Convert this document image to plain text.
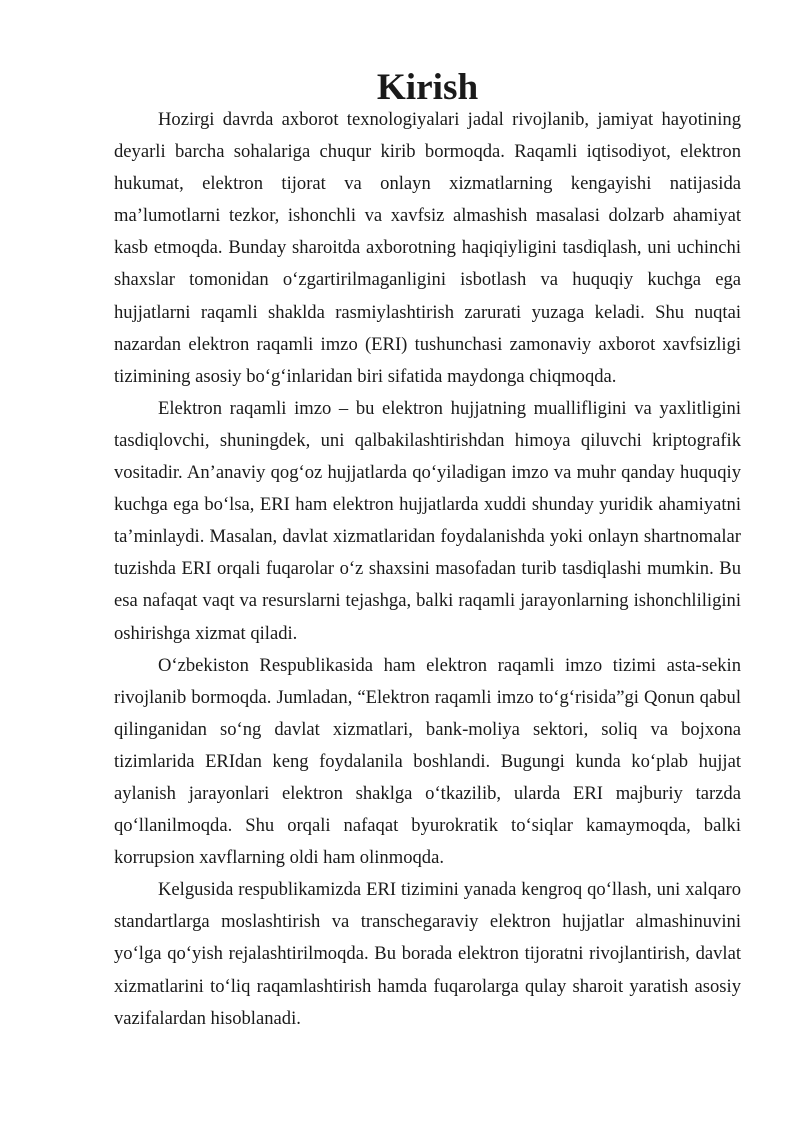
Kirish

Hozirgi davrda axborot texnologiyalari jadal rivojlanib, jamiyat hayotining deyarli barcha sohalariga chuqur kirib bormoqda. Raqamli iqtisodiyot, elektron hukumat, elektron tijorat va onlayn xizmatlarning kengayishi natijasida ma’lumotlarni tezkor, ishonchli va xavfsiz almashish masalasi dolzarb ahamiyat kasb etmoqda. Bunday sharoitda axborotning haqiqiyligini tasdiqlash, uni uchinchi shaxslar tomonidan o‘zgartirilmaganligini isbotlash va huquqiy kuchga ega hujjatlarni raqamli shaklda rasmiylashtirish zarurati yuzaga keladi. Shu nuqtai nazardan elektron raqamli imzo (ERI) tushunchasi zamonaviy axborot xavfsizligi tizimining asosiy bo‘g‘inlaridan biri sifatida maydonga chiqmoqda.

Elektron raqamli imzo – bu elektron hujjatning muallifligini va yaxlitligini tasdiqlovchi, shuningdek, uni qalbakilashtirishdan himoya qiluvchi kriptografik vositadir. An’anaviy qog‘oz hujjatlarda qo‘yiladigan imzo va muhr qanday huquqiy kuchga ega bo‘lsa, ERI ham elektron hujjatlarda xuddi shunday yuridik ahamiyatni ta’minlaydi. Masalan, davlat xizmatlaridan foydalanishda yoki onlayn shartnomalar tuzishda ERI orqali fuqarolar o‘z shaxsini masofadan turib tasdiqlashi mumkin. Bu esa nafaqat vaqt va resurslarni tejashga, balki raqamli jarayonlarning ishonchliligini oshirishga xizmat qiladi.

O‘zbekiston Respublikasida ham elektron raqamli imzo tizimi asta-sekin rivojlanib bormoqda. Jumladan, “Elektron raqamli imzo to‘g‘risida”gi Qonun qabul qilinganidan so‘ng davlat xizmatlari, bank-moliya sektori, soliq va bojxona tizimlarida ERIdan keng foydalanila boshlandi. Bugungi kunda ko‘plab hujjat aylanish jarayonlari elektron shaklga o‘tkazilib, ularda ERI majburiy tarzda qo‘llanilmoqda. Shu orqali nafaqat byurokratik to‘siqlar kamaymoqda, balki korrupsion xavflarning oldi ham olinmoqda.

Kelgusida respublikamizda ERI tizimini yanada kengroq qo‘llash, uni xalqaro standartlarga moslashtirish va transchegaraviy elektron hujjatlar almashinuvini yo‘lga qo‘yish rejalashtirilmoqda. Bu borada elektron tijoratni rivojlantirish, davlat xizmatlarini to‘liq raqamlashtirish hamda fuqarolarga qulay sharoit yaratish asosiy vazifalardan hisoblanadi.
